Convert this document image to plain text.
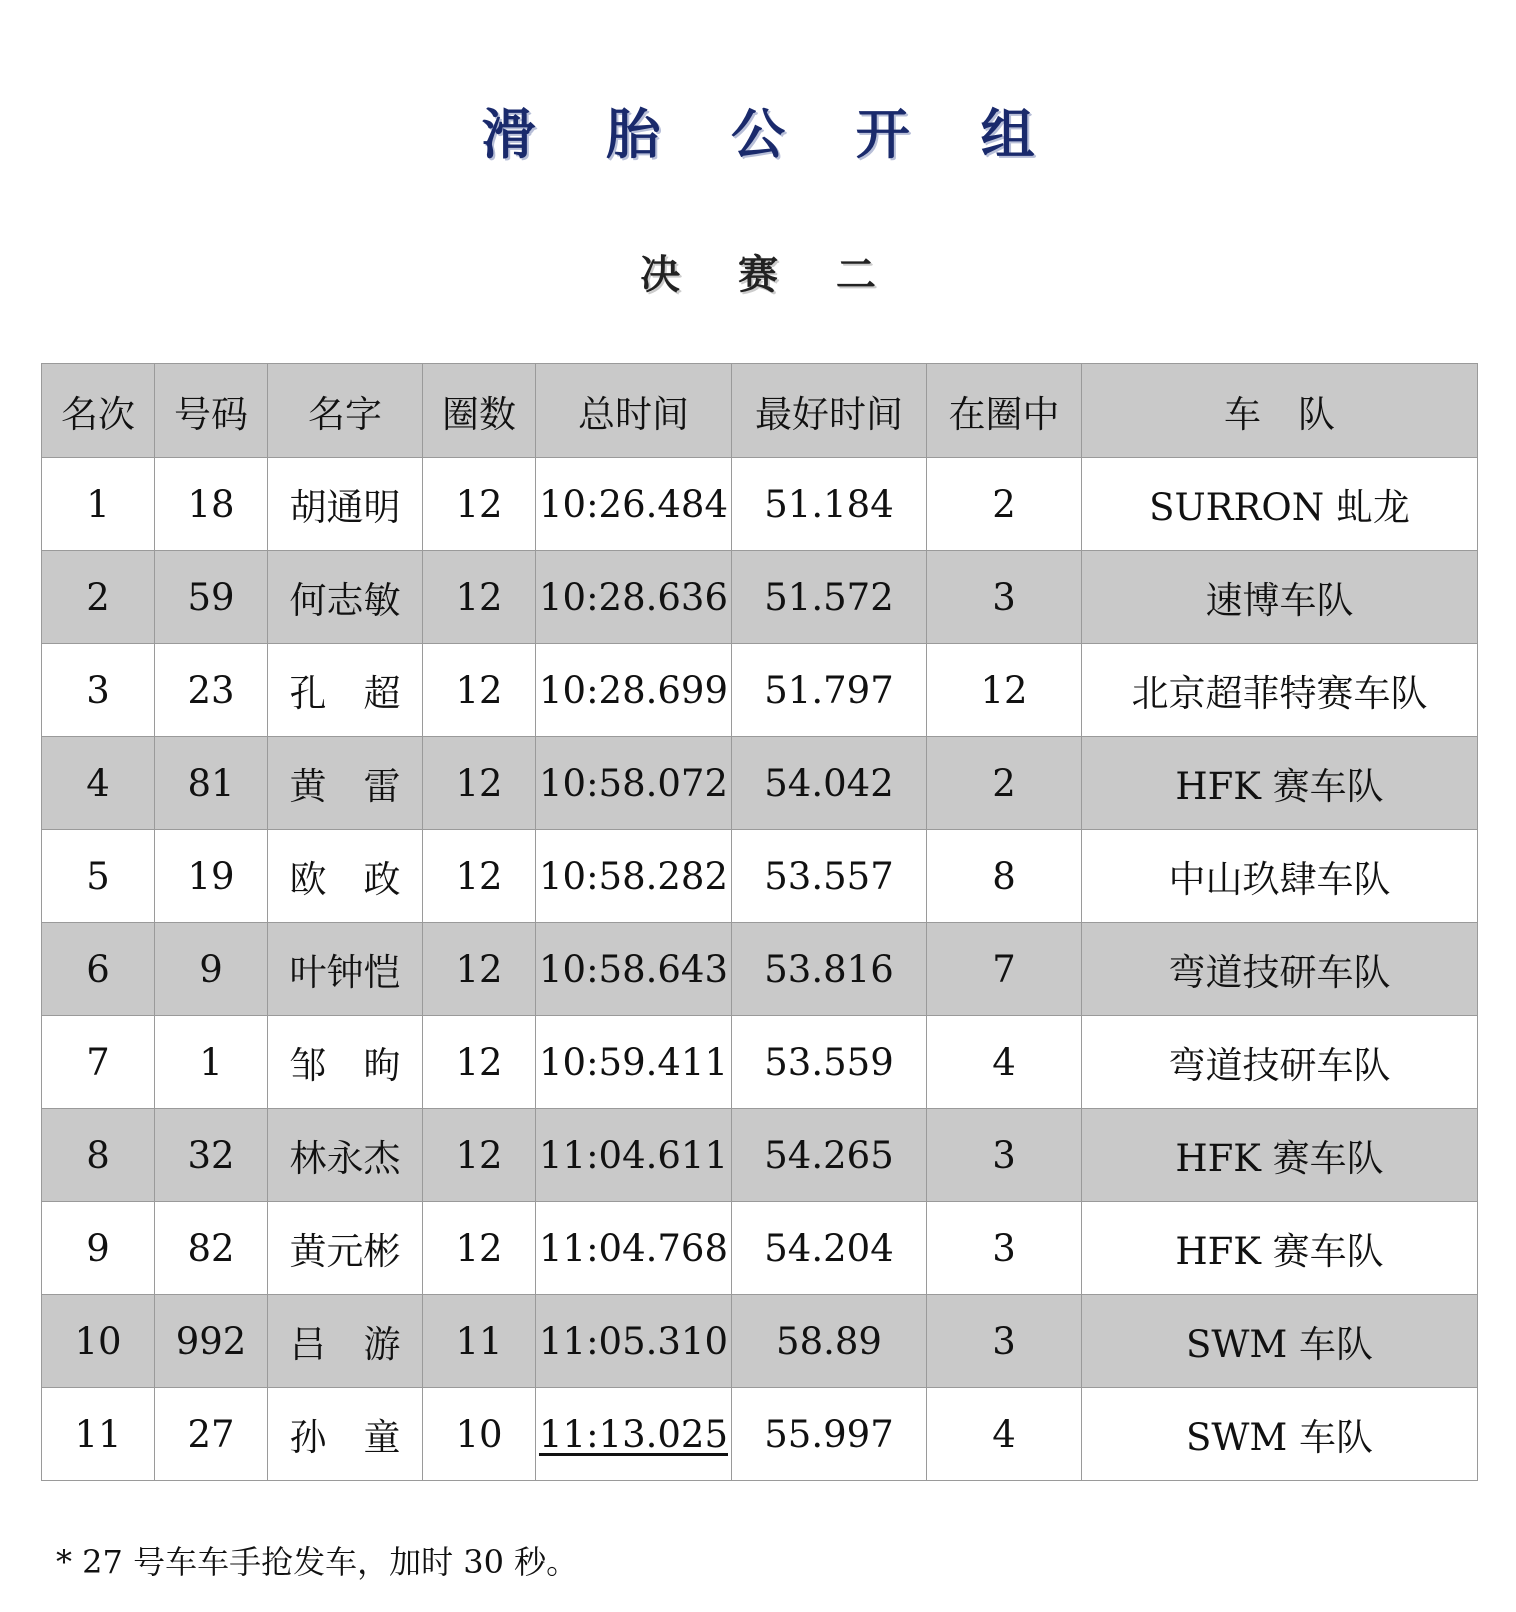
滑 胎 公 开 组
决 赛 二
名次	号码	名字	圈数	总时间	最好时间	在圈中	车　队
1	18	胡通明	12	10:26.484	51.184	2	SURRON 虬龙
2	59	何志敏	12	10:28.636	51.572	3	速博车队
3	23	孔　超	12	10:28.699	51.797	12	北京超菲特赛车队
4	81	黄　雷	12	10:58.072	54.042	2	HFK 赛车队
5	19	欧　政	12	10:58.282	53.557	8	中山玖肆车队
6	9	叶钟恺	12	10:58.643	53.816	7	弯道技研车队
7	1	邹　昫	12	10:59.411	53.559	4	弯道技研车队
8	32	林永杰	12	11:04.611	54.265	3	HFK 赛车队
9	82	黄元彬	12	11:04.768	54.204	3	HFK 赛车队
10	992	吕　游	11	11:05.310	58.89	3	SWM 车队
11	27	孙　童	10	11:13.025	55.997	4	SWM 车队
* 27 号车车手抢发车，加时 30 秒。
